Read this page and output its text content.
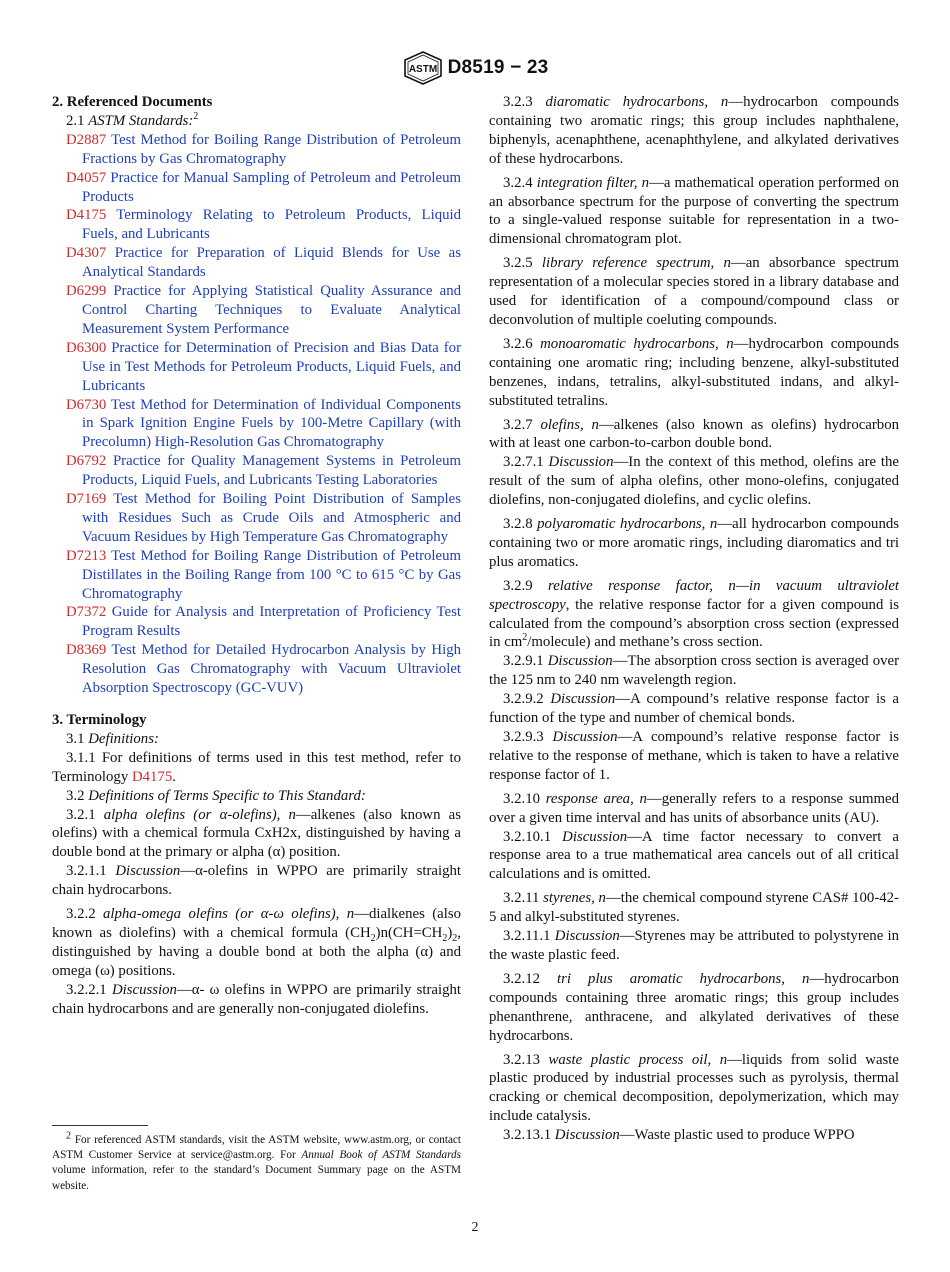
ASTM D8519 − 23

2. Referenced Documents

2.1 ASTM Standards:$^2$

D2887 Test Method for Boiling Range Distribution of Petroleum Fractions by Gas Chromatography

D4057 Practice for Manual Sampling of Petroleum and Petroleum Products

D4175 Terminology Relating to Petroleum Products, Liquid Fuels, and Lubricants

D4307 Practice for Preparation of Liquid Blends for Use as Analytical Standards

D6299 Practice for Applying Statistical Quality Assurance and Control Charting Techniques to Evaluate Analytical Measurement System Performance

D6300 Practice for Determination of Precision and Bias Data for Use in Test Methods for Petroleum Products, Liquid Fuels, and Lubricants

D6730 Test Method for Determination of Individual Components in Spark Ignition Engine Fuels by 100-Metre Capillary (with Precolumn) High-Resolution Gas Chromatography

D6792 Practice for Quality Management Systems in Petroleum Products, Liquid Fuels, and Lubricants Testing Laboratories

D7169 Test Method for Boiling Point Distribution of Samples with Residues Such as Crude Oils and Atmospheric and Vacuum Residues by High Temperature Gas Chromatography

D7213 Test Method for Boiling Range Distribution of Petroleum Distillates in the Boiling Range from 100 °C to 615 °C by Gas Chromatography

D7372 Guide for Analysis and Interpretation of Proficiency Test Program Results

D8369 Test Method for Detailed Hydrocarbon Analysis by High Resolution Gas Chromatography with Vacuum Ultraviolet Absorption Spectroscopy (GC-VUV)

3. Terminology

3.1 Definitions:

3.1.1 For definitions of terms used in this test method, refer to Terminology D4175.

3.2 Definitions of Terms Specific to This Standard:

3.2.1 alpha olefins (or α-olefins), n—alkenes (also known as olefins) with a chemical formula CxH2x, distinguished by having a double bond at the primary or alpha (α) position.

3.2.1.1 Discussion—α-olefins in WPPO are primarily straight chain hydrocarbons.

3.2.2 alpha-omega olefins (or α-ω olefins), n—dialkenes (also known as diolefins) with a chemical formula $(CH_2)n(CH=CH_2)_2$, distinguished by having a double bond at both the alpha (α) and omega (ω) positions.

3.2.2.1 Discussion—α- ω olefins in WPPO are primarily straight chain hydrocarbons and are generally non-conjugated diolefins.

3.2.3 diaromatic hydrocarbons, n—hydrocarbon compounds containing two aromatic rings; this group includes naphthalene, biphenyls, acenaphthene, acenaphthylene, and alkylated derivatives of these hydrocarbons.

3.2.4 integration filter, n—a mathematical operation performed on an absorbance spectrum for the purpose of converting the spectrum to a single-valued response suitable for representation in a two-dimensional chromatogram plot.

3.2.5 library reference spectrum, n—an absorbance spectrum representation of a molecular species stored in a library database and used for identification of a compound/compound class or deconvolution of multiple coeluting compounds.

3.2.6 monoaromatic hydrocarbons, n—hydrocarbon compounds containing one aromatic ring; including benzene, alkyl-substituted benzenes, indans, tetralins, alkyl-substituted indans, and alkyl-substituted tetralins.

3.2.7 olefins, n—alkenes (also known as olefins) hydrocarbon with at least one carbon-to-carbon double bond.

3.2.7.1 Discussion—In the context of this method, olefins are the result of the sum of alpha olefins, other mono-olefins, conjugated diolefins, non-conjugated diolefins, and cyclic olefins.

3.2.8 polyaromatic hydrocarbons, n—all hydrocarbon compounds containing two or more aromatic rings, including diaromatics and tri plus aromatics.

3.2.9 relative response factor, n—in vacuum ultraviolet spectroscopy, the relative response factor for a given compound is calculated from the compound’s absorption cross section (expressed in $cm^2/molecule$) and methane’s cross section.

3.2.9.1 Discussion—The absorption cross section is averaged over the 125 nm to 240 nm wavelength region.

3.2.9.2 Discussion—A compound’s relative response factor is a function of the type and number of chemical bonds.

3.2.9.3 Discussion—A compound’s relative response factor is relative to the response of methane, which is taken to have a relative response factor of 1.

3.2.10 response area, n—generally refers to a response summed over a given time interval and has units of absorbance units (AU).

3.2.10.1 Discussion—A time factor necessary to convert a response area to a true mathematical area cancels out of all critical calculations and is omitted.

3.2.11 styrenes, n—the chemical compound styrene CAS# 100-42-5 and alkyl-substituted styrenes.

3.2.11.1 Discussion—Styrenes may be attributed to polystyrene in the waste plastic feed.

3.2.12 tri plus aromatic hydrocarbons, n—hydrocarbon compounds containing three aromatic rings; this group includes phenanthrene, anthracene, and alkylated derivatives of these hydrocarbons.

3.2.13 waste plastic process oil, n—liquids from solid waste plastic produced by industrial processes such as pyrolysis, thermal cracking or chemical decomposition, depolymerization, which may include catalysis.

3.2.13.1 Discussion—Waste plastic used to produce WPPO

$^2$ For referenced ASTM standards, visit the ASTM website, www.astm.org, or contact ASTM Customer Service at service@astm.org. For Annual Book of ASTM Standards volume information, refer to the standard’s Document Summary page on the ASTM website.

2
